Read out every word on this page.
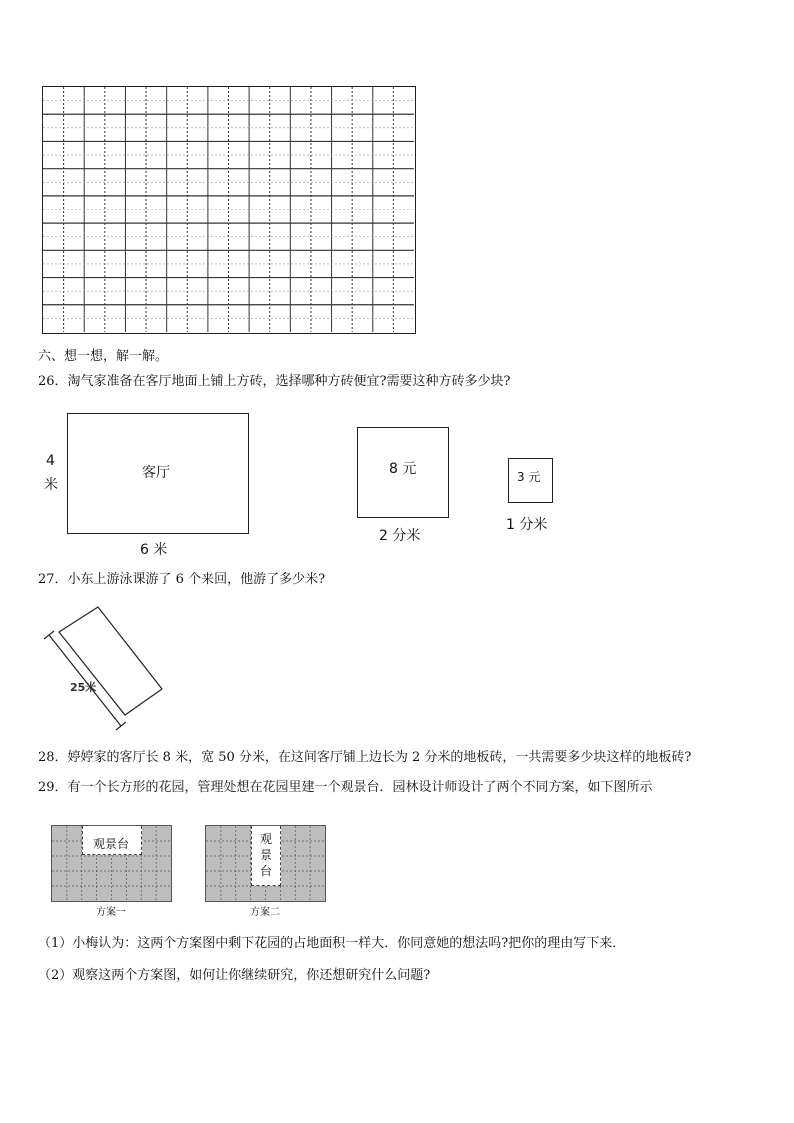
六、想一想，解一解。
26．淘气家准备在客厅地面上铺上方砖，选择哪种方砖便宜?需要这种方砖多少块?
客厅
4
米
6 米
8 元
2 分米
3 元
1 分米
27．小东上游泳课游了 6 个来回，他游了多少米?
25米
28．婷婷家的客厅长 8 米，宽 50 分米，在这间客厅铺上边长为 2 分米的地板砖，一共需要多少块这样的地板砖?
29．有一个长方形的花园，管理处想在花园里建一个观景台．园林设计师设计了两个不同方案，如下图所示
观景台
方案一
观
景
台
方案二
（1）小梅认为：这两个方案图中剩下花园的占地面积一样大．你同意她的想法吗?把你的理由写下来．
（2）观察这两个方案图，如何让你继续研究，你还想研究什么问题?
